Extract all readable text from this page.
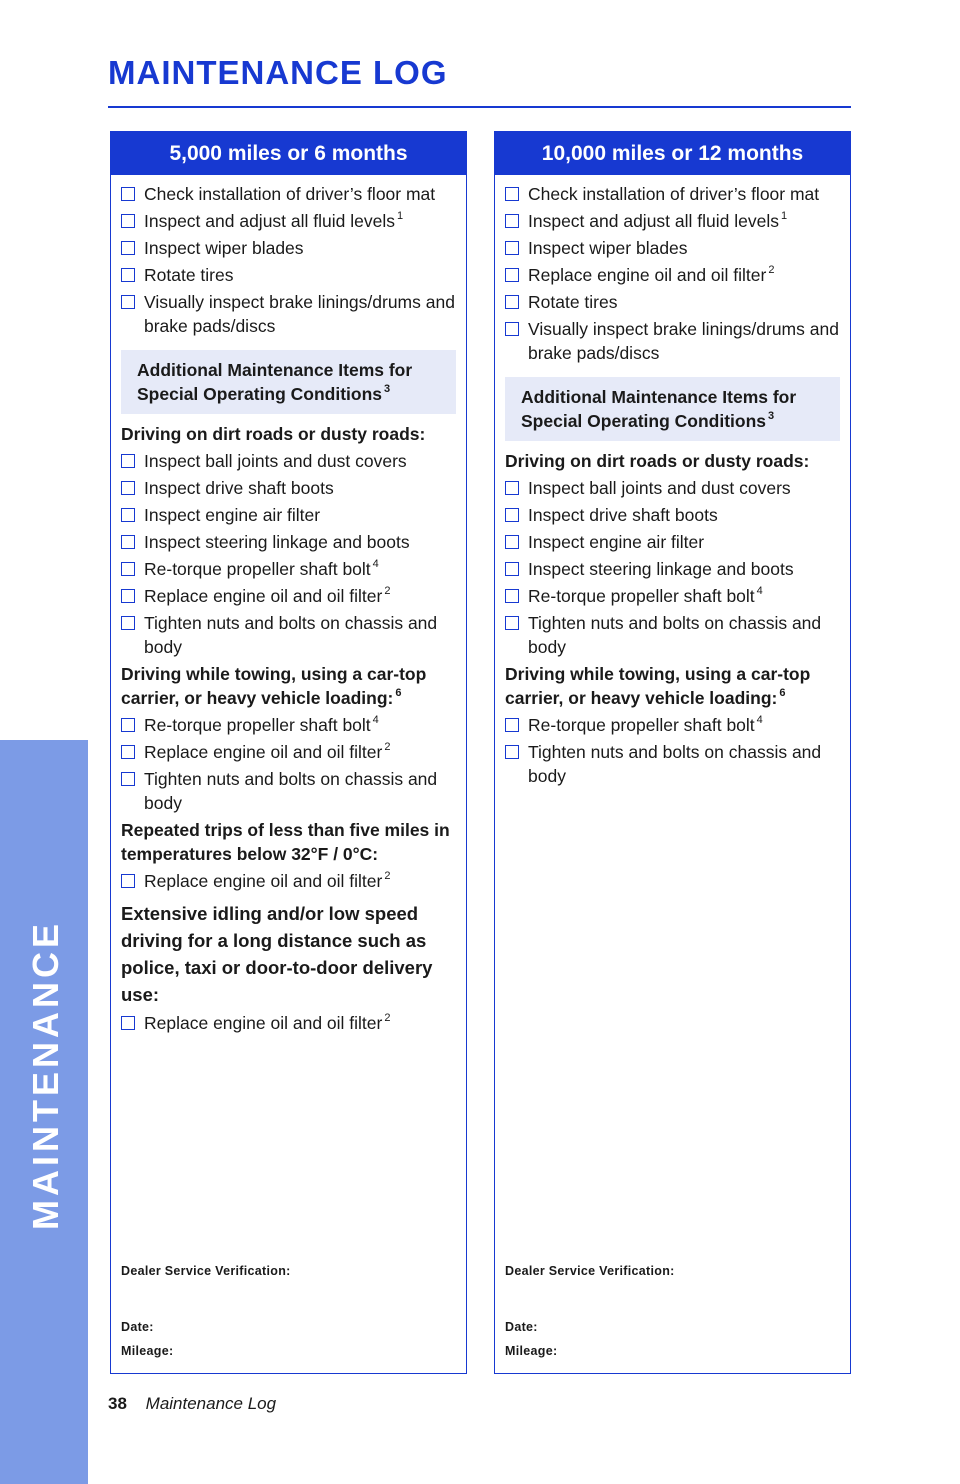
MAINTENANCE
MAINTENANCE LOG
5,000 miles or 6 months
Check installation of driver’s floor mat
Inspect and adjust all fluid levels $^1$
Inspect wiper blades
Rotate tires
Visually inspect brake linings/drums and brake pads/discs
Additional Maintenance Items for Special Operating Conditions $^3$
Driving on dirt roads or dusty roads:
Inspect ball joints and dust covers
Inspect drive shaft boots
Inspect engine air filter
Inspect steering linkage and boots
Re-torque propeller shaft bolt $^4$
Replace engine oil and oil filter $^2$
Tighten nuts and bolts on chassis and body
Driving while towing, using a car-top carrier, or heavy vehicle loading: $^6$
Re-torque propeller shaft bolt $^4$
Replace engine oil and oil filter $^2$
Tighten nuts and bolts on chassis and body
Repeated trips of less than five miles in temperatures below 32°F / 0°C:
Replace engine oil and oil filter $^2$
Extensive idling and/or low speed driving for a long distance such as police, taxi or door-to-door delivery use:
Replace engine oil and oil filter $^2$
Dealer Service Verification:
Date:
Mileage:
10,000 miles or 12 months
Check installation of driver’s floor mat
Inspect and adjust all fluid levels $^1$
Inspect wiper blades
Replace engine oil and oil filter $^2$
Rotate tires
Visually inspect brake linings/drums and brake pads/discs
Additional Maintenance Items for Special Operating Conditions $^3$
Driving on dirt roads or dusty roads:
Inspect ball joints and dust covers
Inspect drive shaft boots
Inspect engine air filter
Inspect steering linkage and boots
Re-torque propeller shaft bolt $^4$
Tighten nuts and bolts on chassis and body
Driving while towing, using a car-top carrier, or heavy vehicle loading: $^6$
Re-torque propeller shaft bolt $^4$
Tighten nuts and bolts on chassis and body
Dealer Service Verification:
Date:
Mileage:
38 Maintenance Log
